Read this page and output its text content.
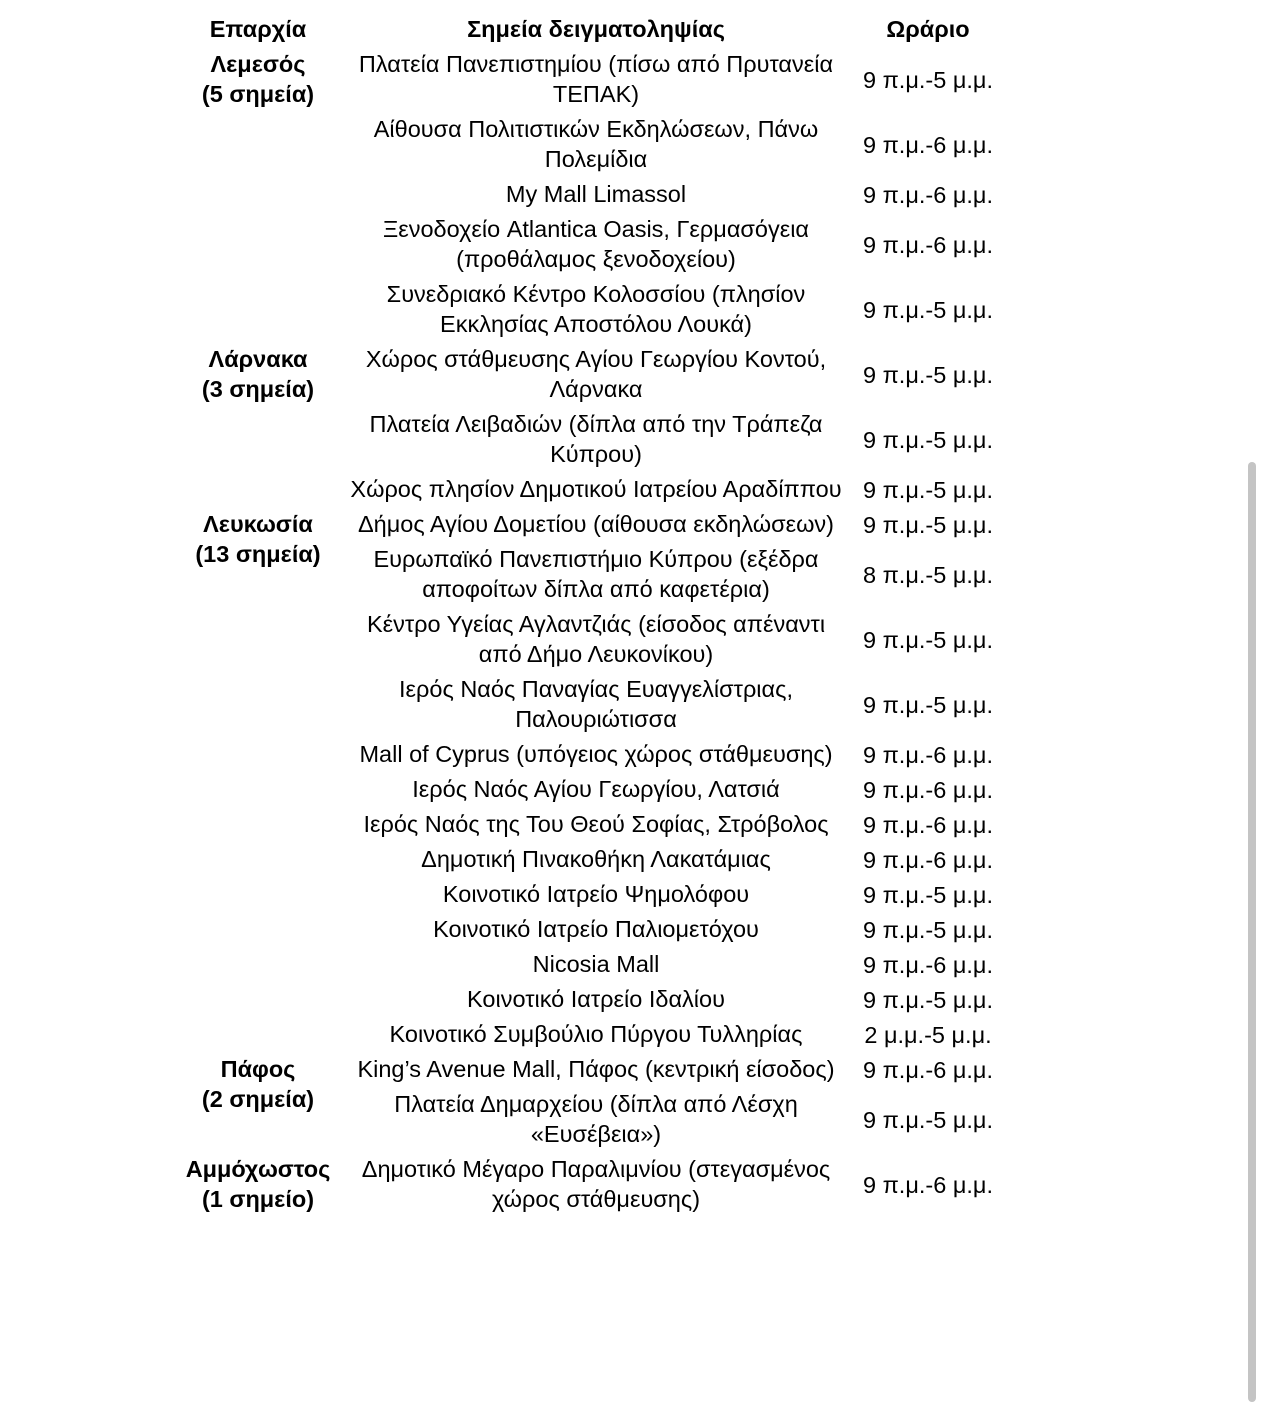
Επαρχία	Σημεία δειγματοληψίας	Ωράριο

Λεμεσός
(5 σημεία)	Πλατεία Πανεπιστημίου (πίσω από Πρυτανεία ΤΕΠΑΚ)	9 π.μ.-5 μ.μ.
	Αίθουσα Πολιτιστικών Εκδηλώσεων, Πάνω Πολεμίδια	9 π.μ.-6 μ.μ.
	My Mall Limassol	9 π.μ.-6 μ.μ.
	Ξενοδοχείο Atlantica Oasis, Γερμασόγεια (προθάλαμος ξενοδοχείου)	9 π.μ.-6 μ.μ.
	Συνεδριακό Κέντρο Κολοσσίου (πλησίον Εκκλησίας Αποστόλου Λουκά)	9 π.μ.-5 μ.μ.

Λάρνακα
(3 σημεία)	Χώρος στάθμευσης Αγίου Γεωργίου Κοντού, Λάρνακα	9 π.μ.-5 μ.μ.
	Πλατεία Λειβαδιών (δίπλα από την Τράπεζα Κύπρου)	9 π.μ.-5 μ.μ.
	Χώρος πλησίον Δημοτικού Ιατρείου Αραδίππου	9 π.μ.-5 μ.μ.

Λευκωσία
(13 σημεία)	Δήμος Αγίου Δομετίου (αίθουσα εκδηλώσεων)	9 π.μ.-5 μ.μ.
	Ευρωπαϊκό Πανεπιστήμιο Κύπρου (εξέδρα αποφοίτων δίπλα από καφετέρια)	8 π.μ.-5 μ.μ.
	Κέντρο Υγείας Αγλαντζιάς (είσοδος απέναντι από Δήμο Λευκονίκου)	9 π.μ.-5 μ.μ.
	Ιερός Ναός Παναγίας Ευαγγελίστριας, Παλουριώτισσα	9 π.μ.-5 μ.μ.
	Mall of Cyprus (υπόγειος χώρος στάθμευσης)	9 π.μ.-6 μ.μ.
	Ιερός Ναός Αγίου Γεωργίου, Λατσιά	9 π.μ.-6 μ.μ.
	Ιερός Ναός της Του Θεού Σοφίας, Στρόβολος	9 π.μ.-6 μ.μ.
	Δημοτική Πινακοθήκη Λακατάμιας	9 π.μ.-6 μ.μ.
	Κοινοτικό Ιατρείο Ψημολόφου	9 π.μ.-5 μ.μ.
	Κοινοτικό Ιατρείο Παλιομετόχου	9 π.μ.-5 μ.μ.
	Nicosia Mall	9 π.μ.-6 μ.μ.
	Κοινοτικό Ιατρείο Ιδαλίου	9 π.μ.-5 μ.μ.
	Κοινοτικό Συμβούλιο Πύργου Τυλληρίας	2 μ.μ.-5 μ.μ.

Πάφος
(2 σημεία)	King’s Avenue Mall, Πάφος (κεντρική είσοδος)	9 π.μ.-6 μ.μ.
	Πλατεία Δημαρχείου (δίπλα από Λέσχη «Ευσέβεια»)	9 π.μ.-5 μ.μ.

Αμμόχωστος
(1 σημείο)	Δημοτικό Μέγαρο Παραλιμνίου (στεγασμένος χώρος στάθμευσης)	9 π.μ.-6 μ.μ.
